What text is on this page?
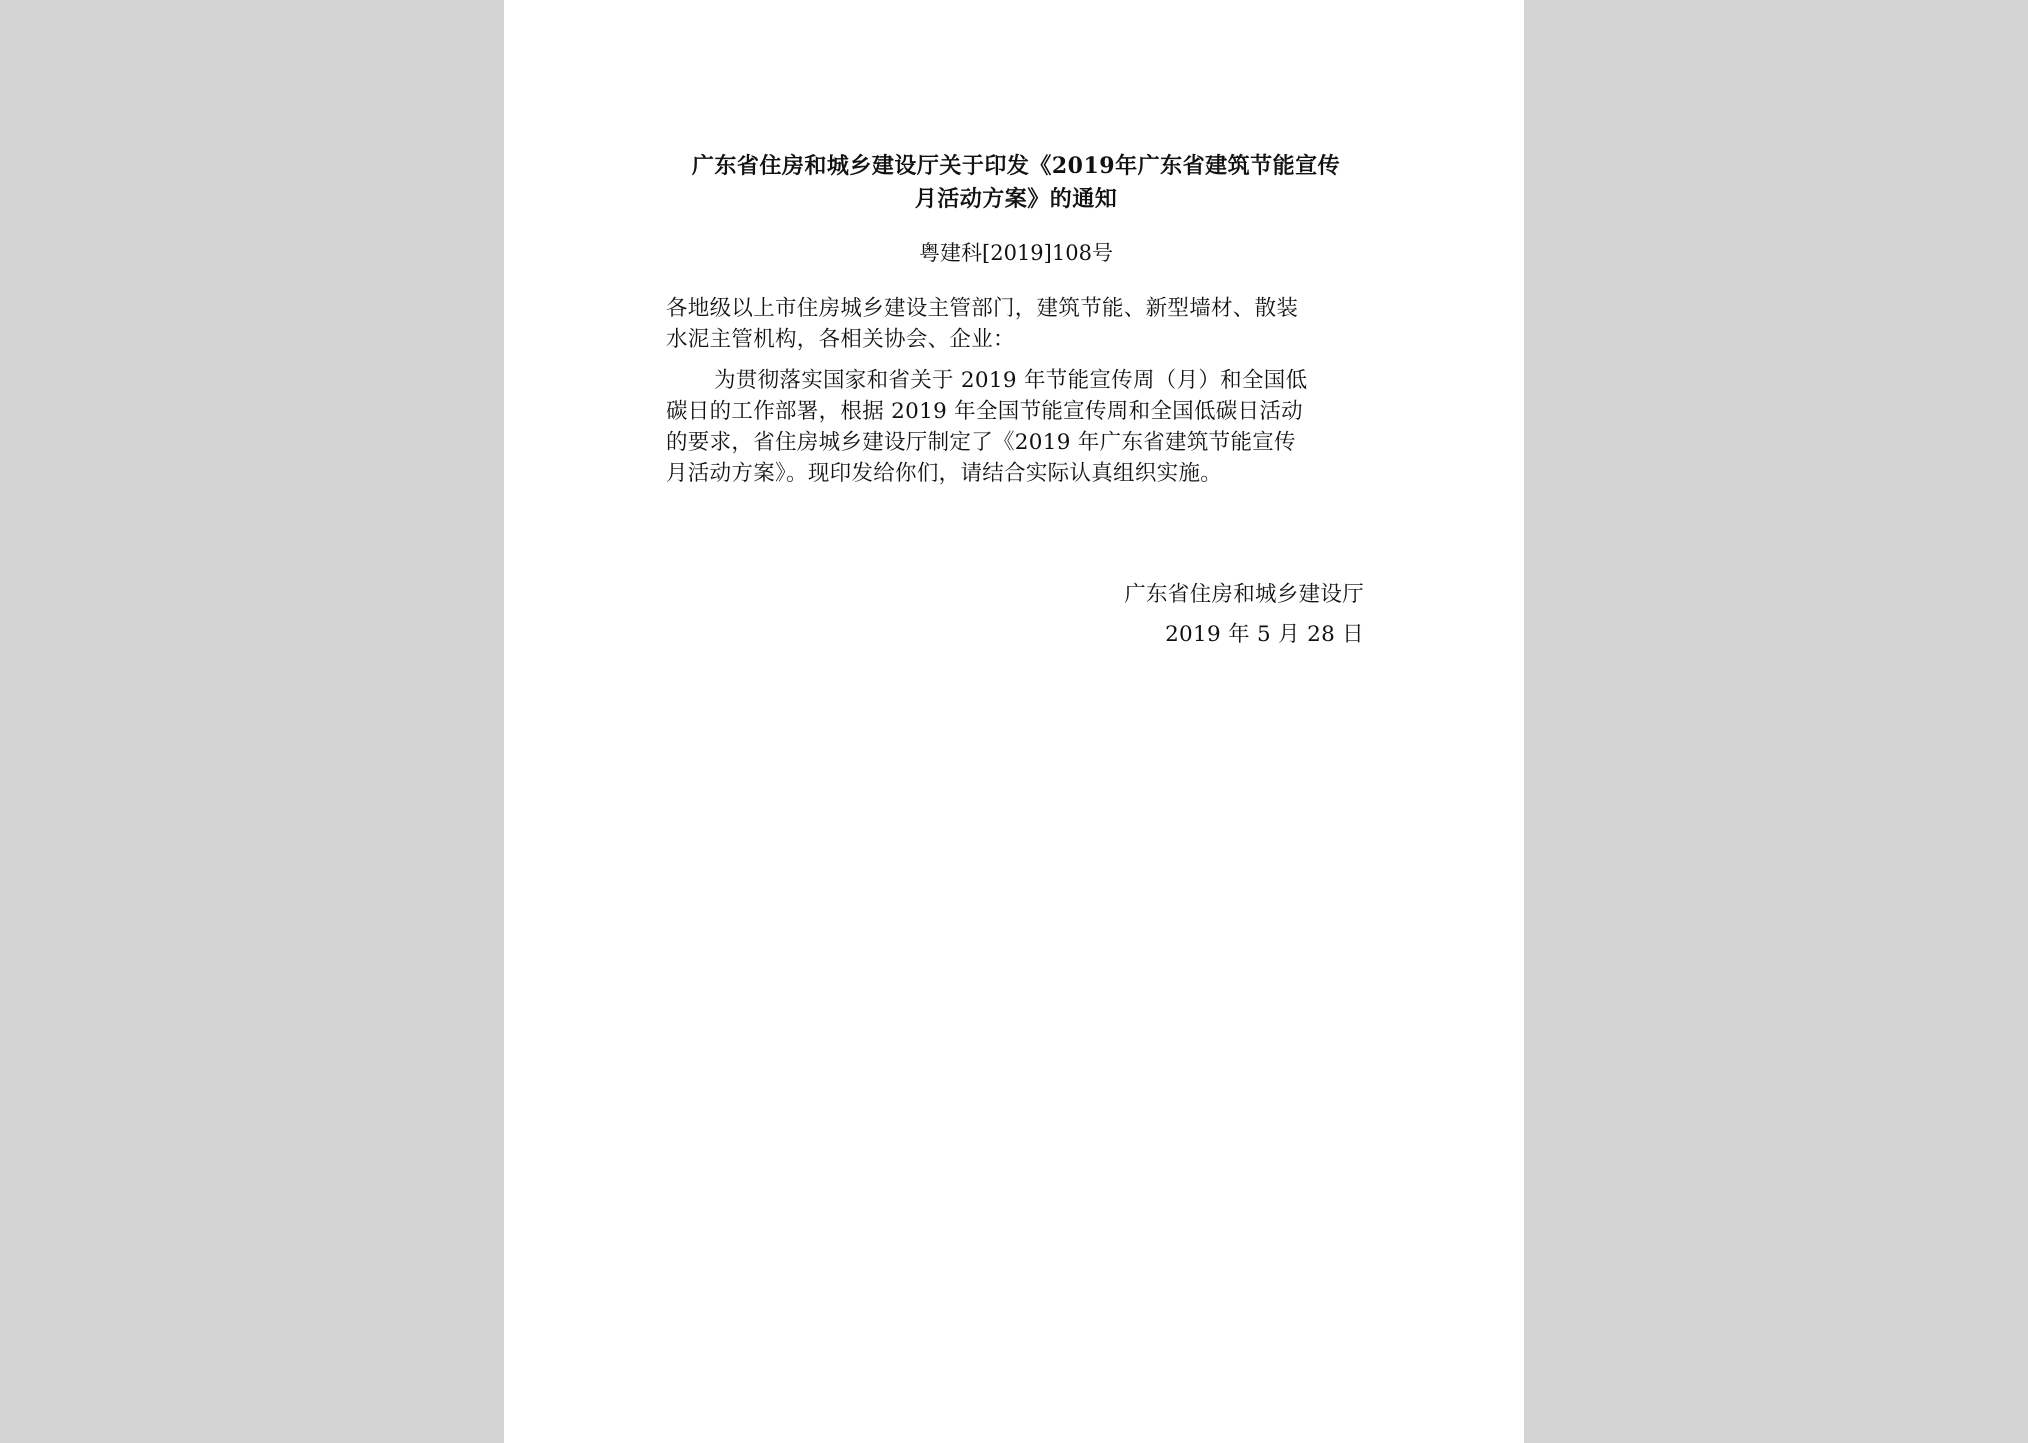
广东省住房和城乡建设厅关于印发《2019年广东省建筑节能宣传
月活动方案》的通知
粤建科[2019]108号
各地级以上市住房城乡建设主管部门，建筑节能、新型墙材、散装
水泥主管机构，各相关协会、企业：
为贯彻落实国家和省关于 2019 年节能宣传周（月）和全国低
碳日的工作部署，根据 2019 年全国节能宣传周和全国低碳日活动
的要求，省住房城乡建设厅制定了《2019 年广东省建筑节能宣传
月活动方案》。现印发给你们，请结合实际认真组织实施。
广东省住房和城乡建设厅
2019 年 5 月 28 日
